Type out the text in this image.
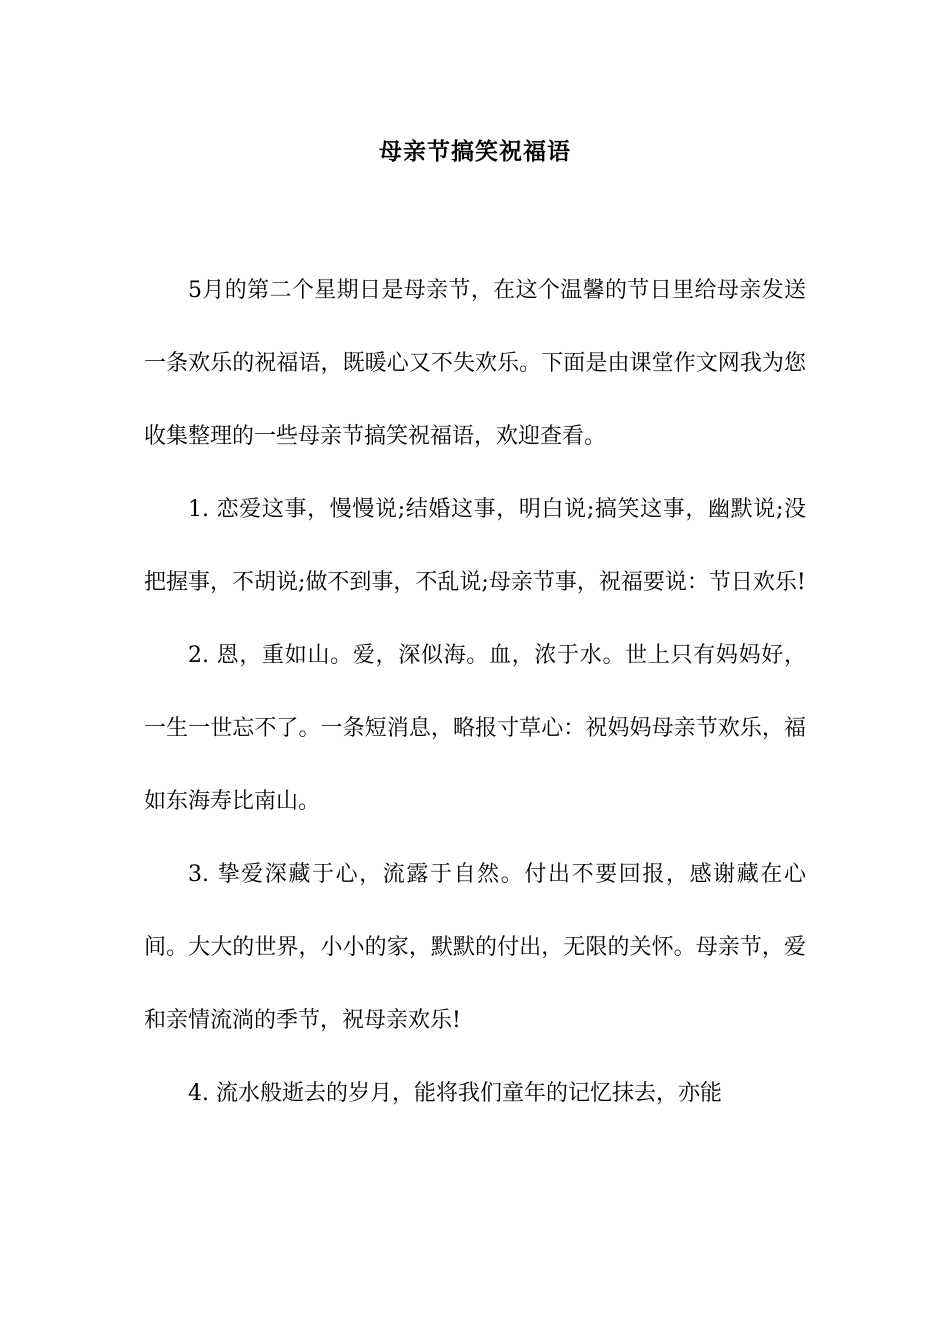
母亲节搞笑祝福语

5月的第二个星期日是母亲节，在这个温馨的节日里给母亲发送一条欢乐的祝福语，既暖心又不失欢乐。下面是由课堂作文网我为您收集整理的一些母亲节搞笑祝福语，欢迎查看。

1. 恋爱这事，慢慢说;结婚这事，明白说;搞笑这事，幽默说;没把握事，不胡说;做不到事，不乱说;母亲节事，祝福要说：节日欢乐!

2. 恩，重如山。爱，深似海。血，浓于水。世上只有妈妈好，一生一世忘不了。一条短消息，略报寸草心：祝妈妈母亲节欢乐，福如东海寿比南山。

3. 挚爱深藏于心，流露于自然。付出不要回报，感谢藏在心间。大大的世界，小小的家，默默的付出，无限的关怀。母亲节，爱和亲情流淌的季节，祝母亲欢乐!

4. 流水般逝去的岁月，能将我们童年的记忆抹去，亦能
